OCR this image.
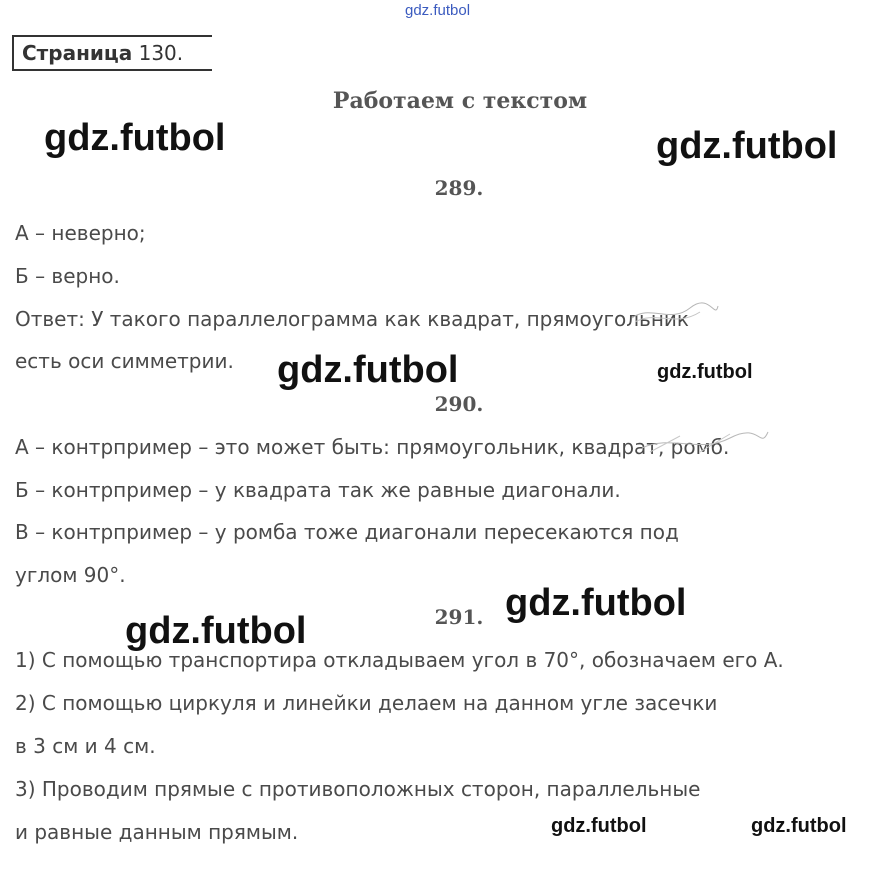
gdz.futbol
Страница 130.
Работаем с текстом
289.
А – неверно;
Б – верно.
Ответ: У такого параллелограмма как квадрат, прямоугольник
есть оси симметрии.
290.
А – контрпример – это может быть: прямоугольник, квадрат, ромб.
Б – контрпример – у квадрата так же равные диагонали.
В – контрпример – у ромба тоже диагонали пересекаются под
углом 90°.
291.
1) С помощью транспортира откладываем угол в 70°, обозначаем его А.
2) С помощью циркуля и линейки делаем на данном угле засечки
в 3 см и 4 см.
3) Проводим прямые с противоположных сторон, параллельные
и равные данным прямым.
gdz.futbol	gdz.futbol
gdz.futbol	gdz.futbol
gdz.futbol
gdz.futbol
gdz.futbol	gdz.futbol
